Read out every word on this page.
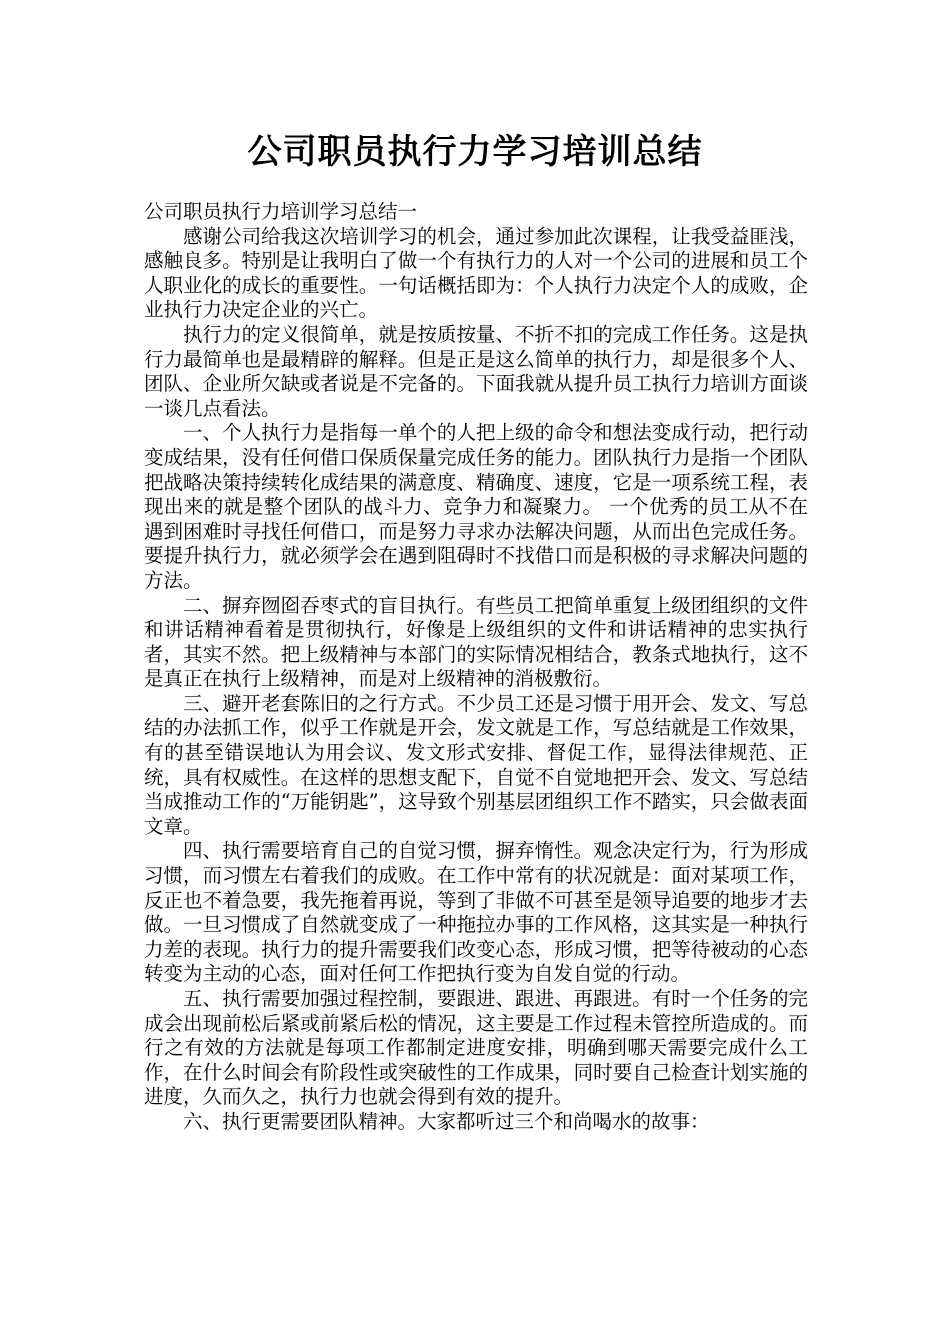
公司职员执行力学习培训总结

公司职员执行力培训学习总结一

感谢公司给我这次培训学习的机会，通过参加此次课程，让我受益匪浅，感触良多。特别是让我明白了做一个有执行力的人对一个公司的进展和员工个人职业化的成长的重要性。一句话概括即为：个人执行力决定个人的成败，企业执行力决定企业的兴亡。

执行力的定义很简单，就是按质按量、不折不扣的完成工作任务。这是执行力最简单也是最精辟的解释。但是正是这么简单的执行力，却是很多个人、团队、企业所欠缺或者说是不完备的。下面我就从提升员工执行力培训方面谈一谈几点看法。

一、个人执行力是指每一单个的人把上级的命令和想法变成行动，把行动变成结果，没有任何借口保质保量完成任务的能力。团队执行力是指一个团队把战略决策持续转化成结果的满意度、精确度、速度，它是一项系统工程，表现出来的就是整个团队的战斗力、竞争力和凝聚力。 一个优秀的员工从不在遇到困难时寻找任何借口，而是努力寻求办法解决问题，从而出色完成任务。要提升执行力，就必须学会在遇到阻碍时不找借口而是积极的寻求解决问题的方法。

二、摒弃囫囵吞枣式的盲目执行。有些员工把简单重复上级团组织的文件和讲话精神看着是贯彻执行，好像是上级组织的文件和讲话精神的忠实执行者，其实不然。把上级精神与本部门的实际情况相结合，教条式地执行，这不是真正在执行上级精神，而是对上级精神的消极敷衍。

三、避开老套陈旧的之行方式。不少员工还是习惯于用开会、发文、写总结的办法抓工作，似乎工作就是开会，发文就是工作，写总结就是工作效果，有的甚至错误地认为用会议、发文形式安排、督促工作，显得法律规范、正统，具有权威性。在这样的思想支配下，自觉不自觉地把开会、发文、写总结当成推动工作的“万能钥匙”，这导致个别基层团组织工作不踏实，只会做表面文章。

四、执行需要培育自己的自觉习惯，摒弃惰性。观念决定行为，行为形成习惯，而习惯左右着我们的成败。在工作中常有的状况就是：面对某项工作，反正也不着急要，我先拖着再说，等到了非做不可甚至是领导追要的地步才去做。一旦习惯成了自然就变成了一种拖拉办事的工作风格，这其实是一种执行力差的表现。执行力的提升需要我们改变心态，形成习惯，把等待被动的心态转变为主动的心态，面对任何工作把执行变为自发自觉的行动。

五、执行需要加强过程控制，要跟进、跟进、再跟进。有时一个任务的完成会出现前松后紧或前紧后松的情况，这主要是工作过程未管控所造成的。而行之有效的方法就是每项工作都制定进度安排，明确到哪天需要完成什么工作，在什么时间会有阶段性或突破性的工作成果，同时要自己检查计划实施的进度，久而久之，执行力也就会得到有效的提升。

六、执行更需要团队精神。大家都听过三个和尚喝水的故事：
